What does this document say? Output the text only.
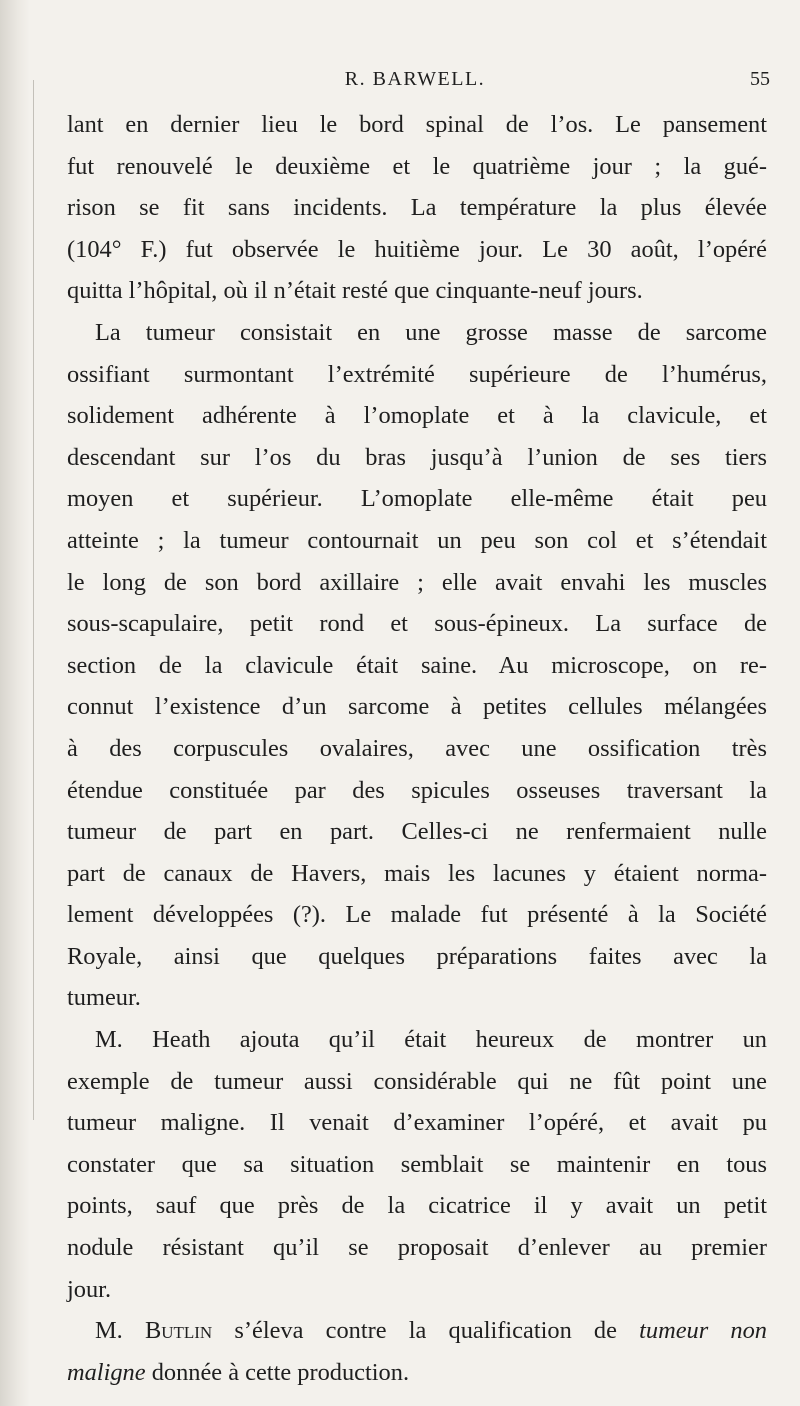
R. BARWELL.	55
lant en dernier lieu le bord spinal de l’os. Le pansement
fut renouvelé le deuxième et le quatrième jour ; la gué-
rison se fit sans incidents. La température la plus élevée
(104° F.) fut observée le huitième jour. Le 30 août, l’opéré
quitta l’hôpital, où il n’était resté que cinquante-neuf jours.
La tumeur consistait en une grosse masse de sarcome
ossifiant surmontant l’extrémité supérieure de l’humérus,
solidement adhérente à l’omoplate et à la clavicule, et
descendant sur l’os du bras jusqu’à l’union de ses tiers
moyen et supérieur. L’omoplate elle-même était peu
atteinte ; la tumeur contournait un peu son col et s’étendait
le long de son bord axillaire ; elle avait envahi les muscles
sous-scapulaire, petit rond et sous-épineux. La surface de
section de la clavicule était saine. Au microscope, on re-
connut l’existence d’un sarcome à petites cellules mélangées
à des corpuscules ovalaires, avec une ossification très
étendue constituée par des spicules osseuses traversant la
tumeur de part en part. Celles-ci ne renfermaient nulle
part de canaux de Havers, mais les lacunes y étaient norma-
lement développées (?). Le malade fut présenté à la Société
Royale, ainsi que quelques préparations faites avec la
tumeur.
M. Heath ajouta qu’il était heureux de montrer un
exemple de tumeur aussi considérable qui ne fût point une
tumeur maligne. Il venait d’examiner l’opéré, et avait pu
constater que sa situation semblait se maintenir en tous
points, sauf que près de la cicatrice il y avait un petit
nodule résistant qu’il se proposait d’enlever au premier
jour.
M. Butlin s’éleva contre la qualification de tumeur non
maligne donnée à cette production.
